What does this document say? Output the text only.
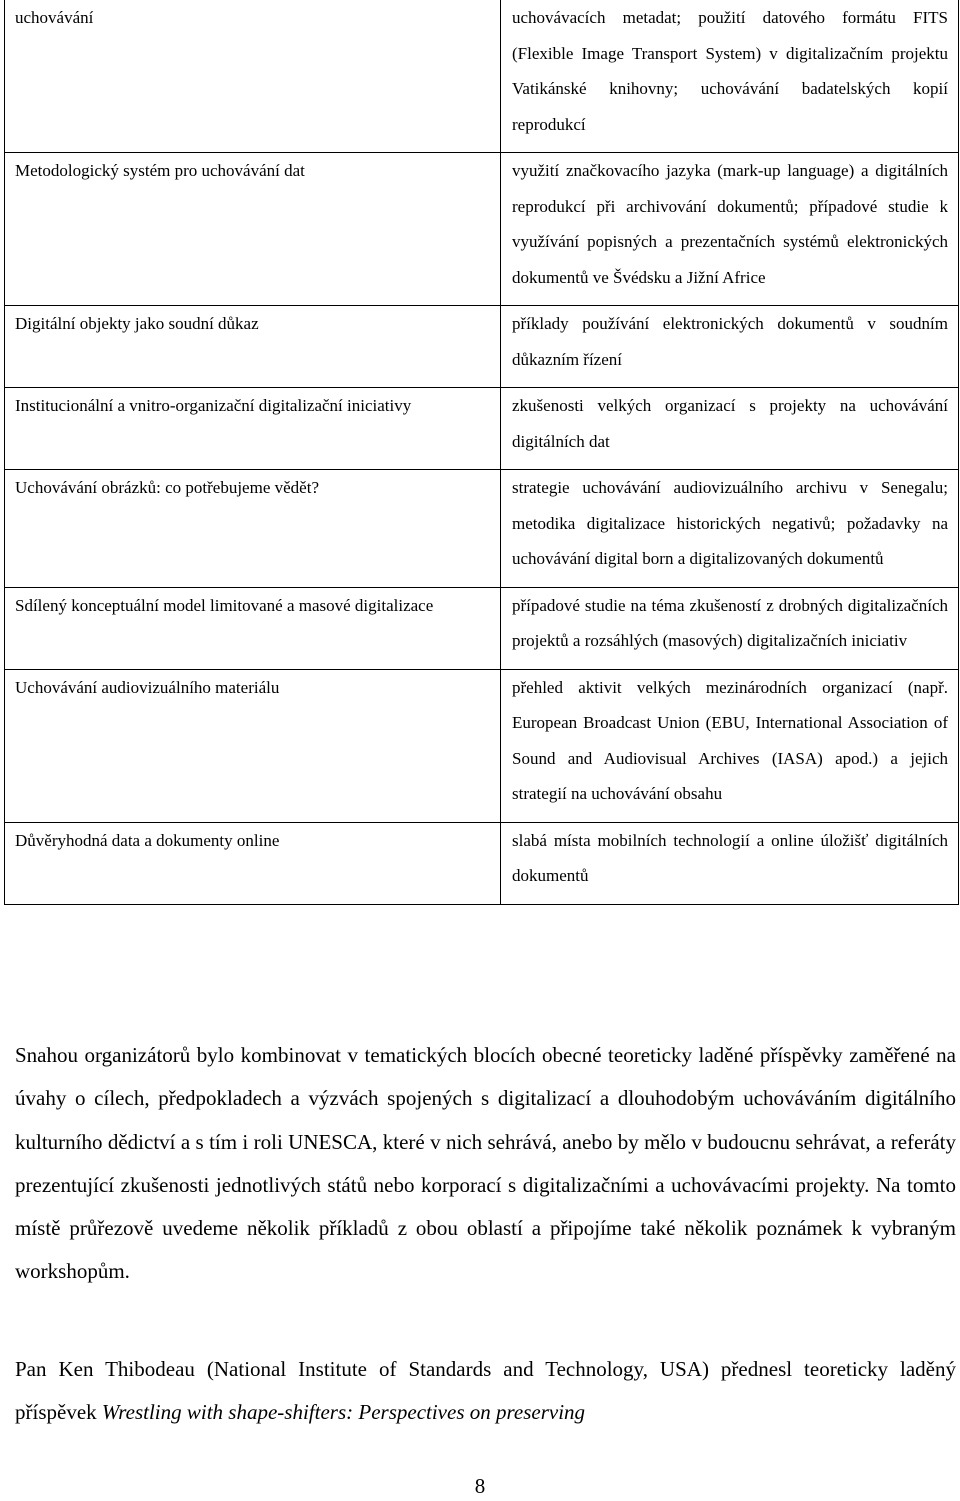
uchovávání	uchovávacích metadat; použití datového formátu FITS (Flexible Image Transport System) v digitalizačním projektu Vatikánské knihovny; uchovávání badatelských kopií reprodukcí
Metodologický systém pro uchovávání dat	využití značkovacího jazyka (mark-up language) a digitálních reprodukcí při archivování dokumentů; případové studie k využívání popisných a prezentačních systémů elektronických dokumentů ve Švédsku a Jižní Africe
Digitální objekty jako soudní důkaz	příklady používání elektronických dokumentů v soudním důkazním řízení
Institucionální a vnitro-organizační digitalizační iniciativy	zkušenosti velkých organizací s projekty na uchovávání digitálních dat
Uchovávání obrázků: co potřebujeme vědět?	strategie uchovávání audiovizuálního archivu v Senegalu; metodika digitalizace historických negativů; požadavky na uchovávání digital born a digitalizovaných dokumentů
Sdílený konceptuální model limitované a masové digitalizace	případové studie na téma zkušeností z drobných digitalizačních projektů a rozsáhlých (masových) digitalizačních iniciativ
Uchovávání audiovizuálního materiálu	přehled aktivit velkých mezinárodních organizací (např. European Broadcast Union (EBU, International Association of Sound and Audiovisual Archives (IASA) apod.) a jejich strategií na uchovávání obsahu
Důvěryhodná data a dokumenty online	slabá místa mobilních technologií a online úložišť digitálních dokumentů

Snahou organizátorů bylo kombinovat v tematických blocích obecné teoreticky laděné příspěvky zaměřené na úvahy o cílech, předpokladech a výzvách spojených s digitalizací a dlouhodobým uchováváním digitálního kulturního dědictví a s tím i roli UNESCA, které v nich sehrává, anebo by mělo v budoucnu sehrávat, a referáty prezentující zkušenosti jednotlivých států nebo korporací s digitalizačními a uchovávacími projekty. Na tomto místě průřezově uvedeme několik příkladů z obou oblastí a připojíme také několik poznámek k vybraným workshopům.

Pan Ken Thibodeau (National Institute of Standards and Technology, USA) přednesl teoreticky laděný příspěvek Wrestling with shape-shifters: Perspectives on preserving

8
